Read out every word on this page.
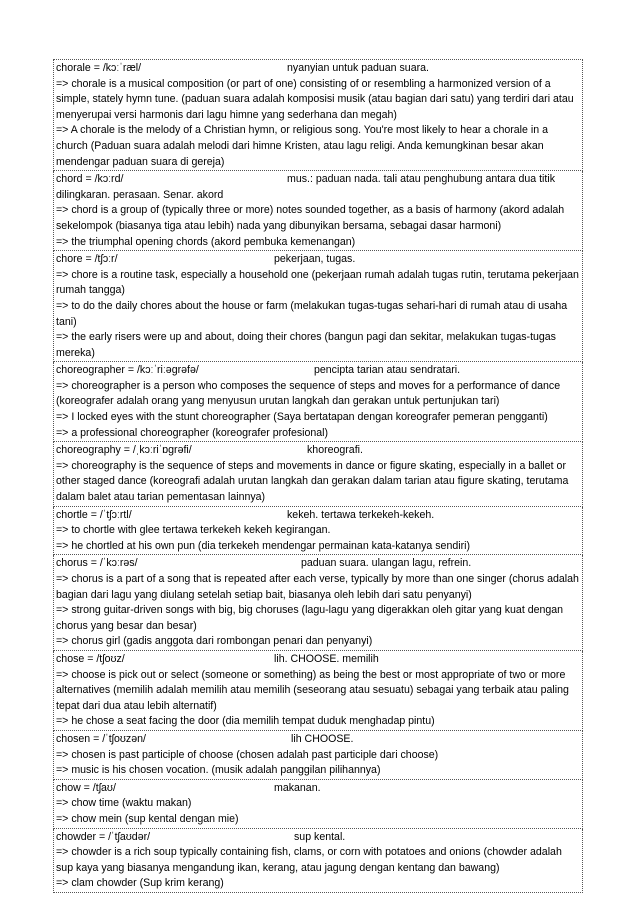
chorale = /kɔːˈræl/	nyanyian untuk paduan suara.
=> chorale is a musical composition (or part of one) consisting of or resembling a harmonized version of a simple, stately hymn tune. (paduan suara adalah komposisi musik (atau bagian dari satu) yang terdiri dari atau menyerupai versi harmonis dari lagu himne yang sederhana dan megah)
=> A chorale is the melody of a Christian hymn, or religious song. You're most likely to hear a chorale in a church (Paduan suara adalah melodi dari himne Kristen, atau lagu religi. Anda kemungkinan besar akan mendengar paduan suara di gereja)
chord = /kɔːrd/	mus.: paduan nada. tali atau penghubung antara dua titik dilingkaran. perasaan. Senar. akord
=> chord is a group of (typically three or more) notes sounded together, as a basis of harmony (akord adalah sekelompok (biasanya tiga atau lebih) nada yang dibunyikan bersama, sebagai dasar harmoni)
=> the triumphal opening chords (akord pembuka kemenangan)
chore = /tʃɔːr/	pekerjaan, tugas.
=> chore is a routine task, especially a household one (pekerjaan rumah adalah tugas rutin, terutama pekerjaan rumah tangga)
=> to do the daily chores about the house or farm (melakukan tugas-tugas sehari-hari di rumah atau di usaha tani)
=> the early risers were up and about, doing their chores (bangun pagi dan sekitar, melakukan tugas-tugas mereka)
choreographer = /kɔːˈriːəgrəfə/	pencipta tarian atau sendratari.
=> choreographer is a person who composes the sequence of steps and moves for a performance of dance (koreografer adalah orang yang menyusun urutan langkah dan gerakan untuk pertunjukan tari)
=> I locked eyes with the stunt choreographer (Saya bertatapan dengan koreografer pemeran pengganti)
=> a professional choreographer (koreografer profesional)
choreography = /ˌkɔːriˈɒgrəfi/	khoreografi.
=> choreography is the sequence of steps and movements in dance or figure skating, especially in a ballet or other staged dance (koreografi adalah urutan langkah dan gerakan dalam tarian atau figure skating, terutama dalam balet atau tarian pementasan lainnya)
chortle = /ˈtʃɔːrtl/	kekeh. tertawa terkekeh-kekeh.
=> to chortle with glee tertawa terkekeh kekeh kegirangan.
=> he chortled at his own pun (dia terkekeh mendengar permainan kata-katanya sendiri)
chorus = /ˈkɔːrəs/	paduan suara. ulangan lagu, refrein.
=> chorus is a part of a song that is repeated after each verse, typically by more than one singer (chorus adalah bagian dari lagu yang diulang setelah setiap bait, biasanya oleh lebih dari satu penyanyi)
=> strong guitar-driven songs with big, big choruses (lagu-lagu yang digerakkan oleh gitar yang kuat dengan chorus yang besar dan besar)
=> chorus girl (gadis anggota dari rombongan penari dan penyanyi)
chose = /tʃoʊz/	lih. CHOOSE. memilih
=> choose is pick out or select (someone or something) as being the best or most appropriate of two or more alternatives (memilih adalah memilih atau memilih (seseorang atau sesuatu) sebagai yang terbaik atau paling tepat dari dua atau lebih alternatif)
=> he chose a seat facing the door (dia memilih tempat duduk menghadap pintu)
chosen = /ˈtʃoʊzən/	lih CHOOSE.
=> chosen is past participle of choose (chosen adalah past participle dari choose)
=> music is his chosen vocation. (musik adalah panggilan pilihannya)
chow = /tʃaʊ/	makanan.
=> chow time (waktu makan)
=> chow mein (sup kental dengan mie)
chowder = /ˈtʃaʊdər/	sup kental.
=> chowder is a rich soup typically containing fish, clams, or corn with potatoes and onions (chowder adalah sup kaya yang biasanya mengandung ikan, kerang, atau jagung dengan kentang dan bawang)
=> clam chowder (Sup krim kerang)
